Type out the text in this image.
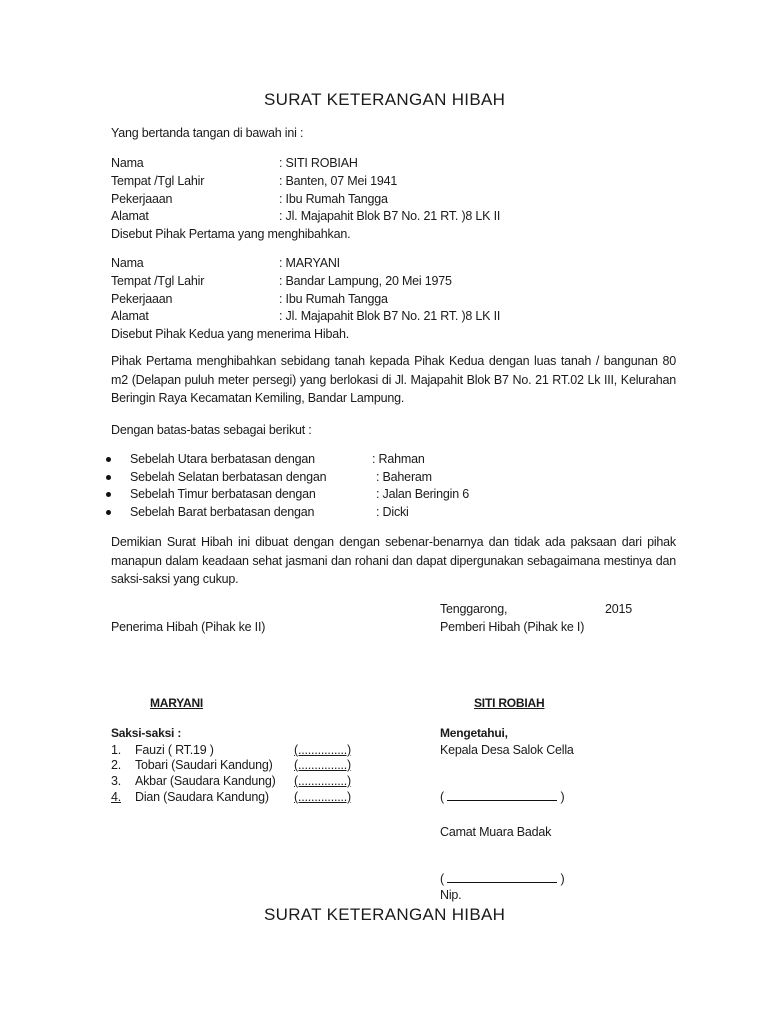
SURAT KETERANGAN HIBAH
Yang bertanda tangan di bawah ini :
Nama	: SITI ROBIAH
Tempat /Tgl Lahir	: Banten, 07 Mei 1941
Pekerjaaan	: Ibu Rumah Tangga
Alamat	: Jl. Majapahit Blok B7 No. 21 RT. )8 LK II
Disebut Pihak Pertama yang menghibahkan.
Nama	: MARYANI
Tempat /Tgl Lahir	: Bandar Lampung, 20 Mei 1975
Pekerjaaan	: Ibu Rumah Tangga
Alamat	: Jl. Majapahit Blok B7 No. 21 RT. )8 LK II
Disebut Pihak Kedua yang menerima Hibah.
Pihak Pertama menghibahkan sebidang tanah kepada Pihak Kedua dengan luas tanah / bangunan 80 m2 (Delapan puluh meter persegi) yang berlokasi di Jl. Majapahit Blok B7 No. 21 RT.02 Lk III, Kelurahan Beringin Raya Kecamatan Kemiling, Bandar Lampung.
Dengan batas-batas sebagai berikut :
Sebelah Utara berbatasan dengan	: Rahman
Sebelah Selatan berbatasan dengan	: Baheram
Sebelah Timur berbatasan dengan	: Jalan Beringin 6
Sebelah Barat berbatasan dengan	: Dicki
Demikian Surat Hibah ini dibuat dengan dengan sebenar-benarnya dan tidak ada paksaan dari pihak manapun dalam keadaan sehat jasmani dan rohani dan dapat dipergunakan sebagaimana mestinya dan saksi-saksi yang cukup.
Tenggarong,	2015
Penerima Hibah (Pihak ke II)	Pemberi Hibah (Pihak ke I)
MARYANI	SITI ROBIAH
Saksi-saksi :	Mengetahui,
1. Fauzi ( RT.19 )	(...............)
2. Tobari (Saudari Kandung) (...............)
3. Akbar (Saudara Kandung) (...............)
4.	Dian (Saudara Kandung) (...............)
Kepala Desa Salok Cella
(	)
Camat Muara Badak
(	)
Nip.
SURAT KETERANGAN HIBAH
